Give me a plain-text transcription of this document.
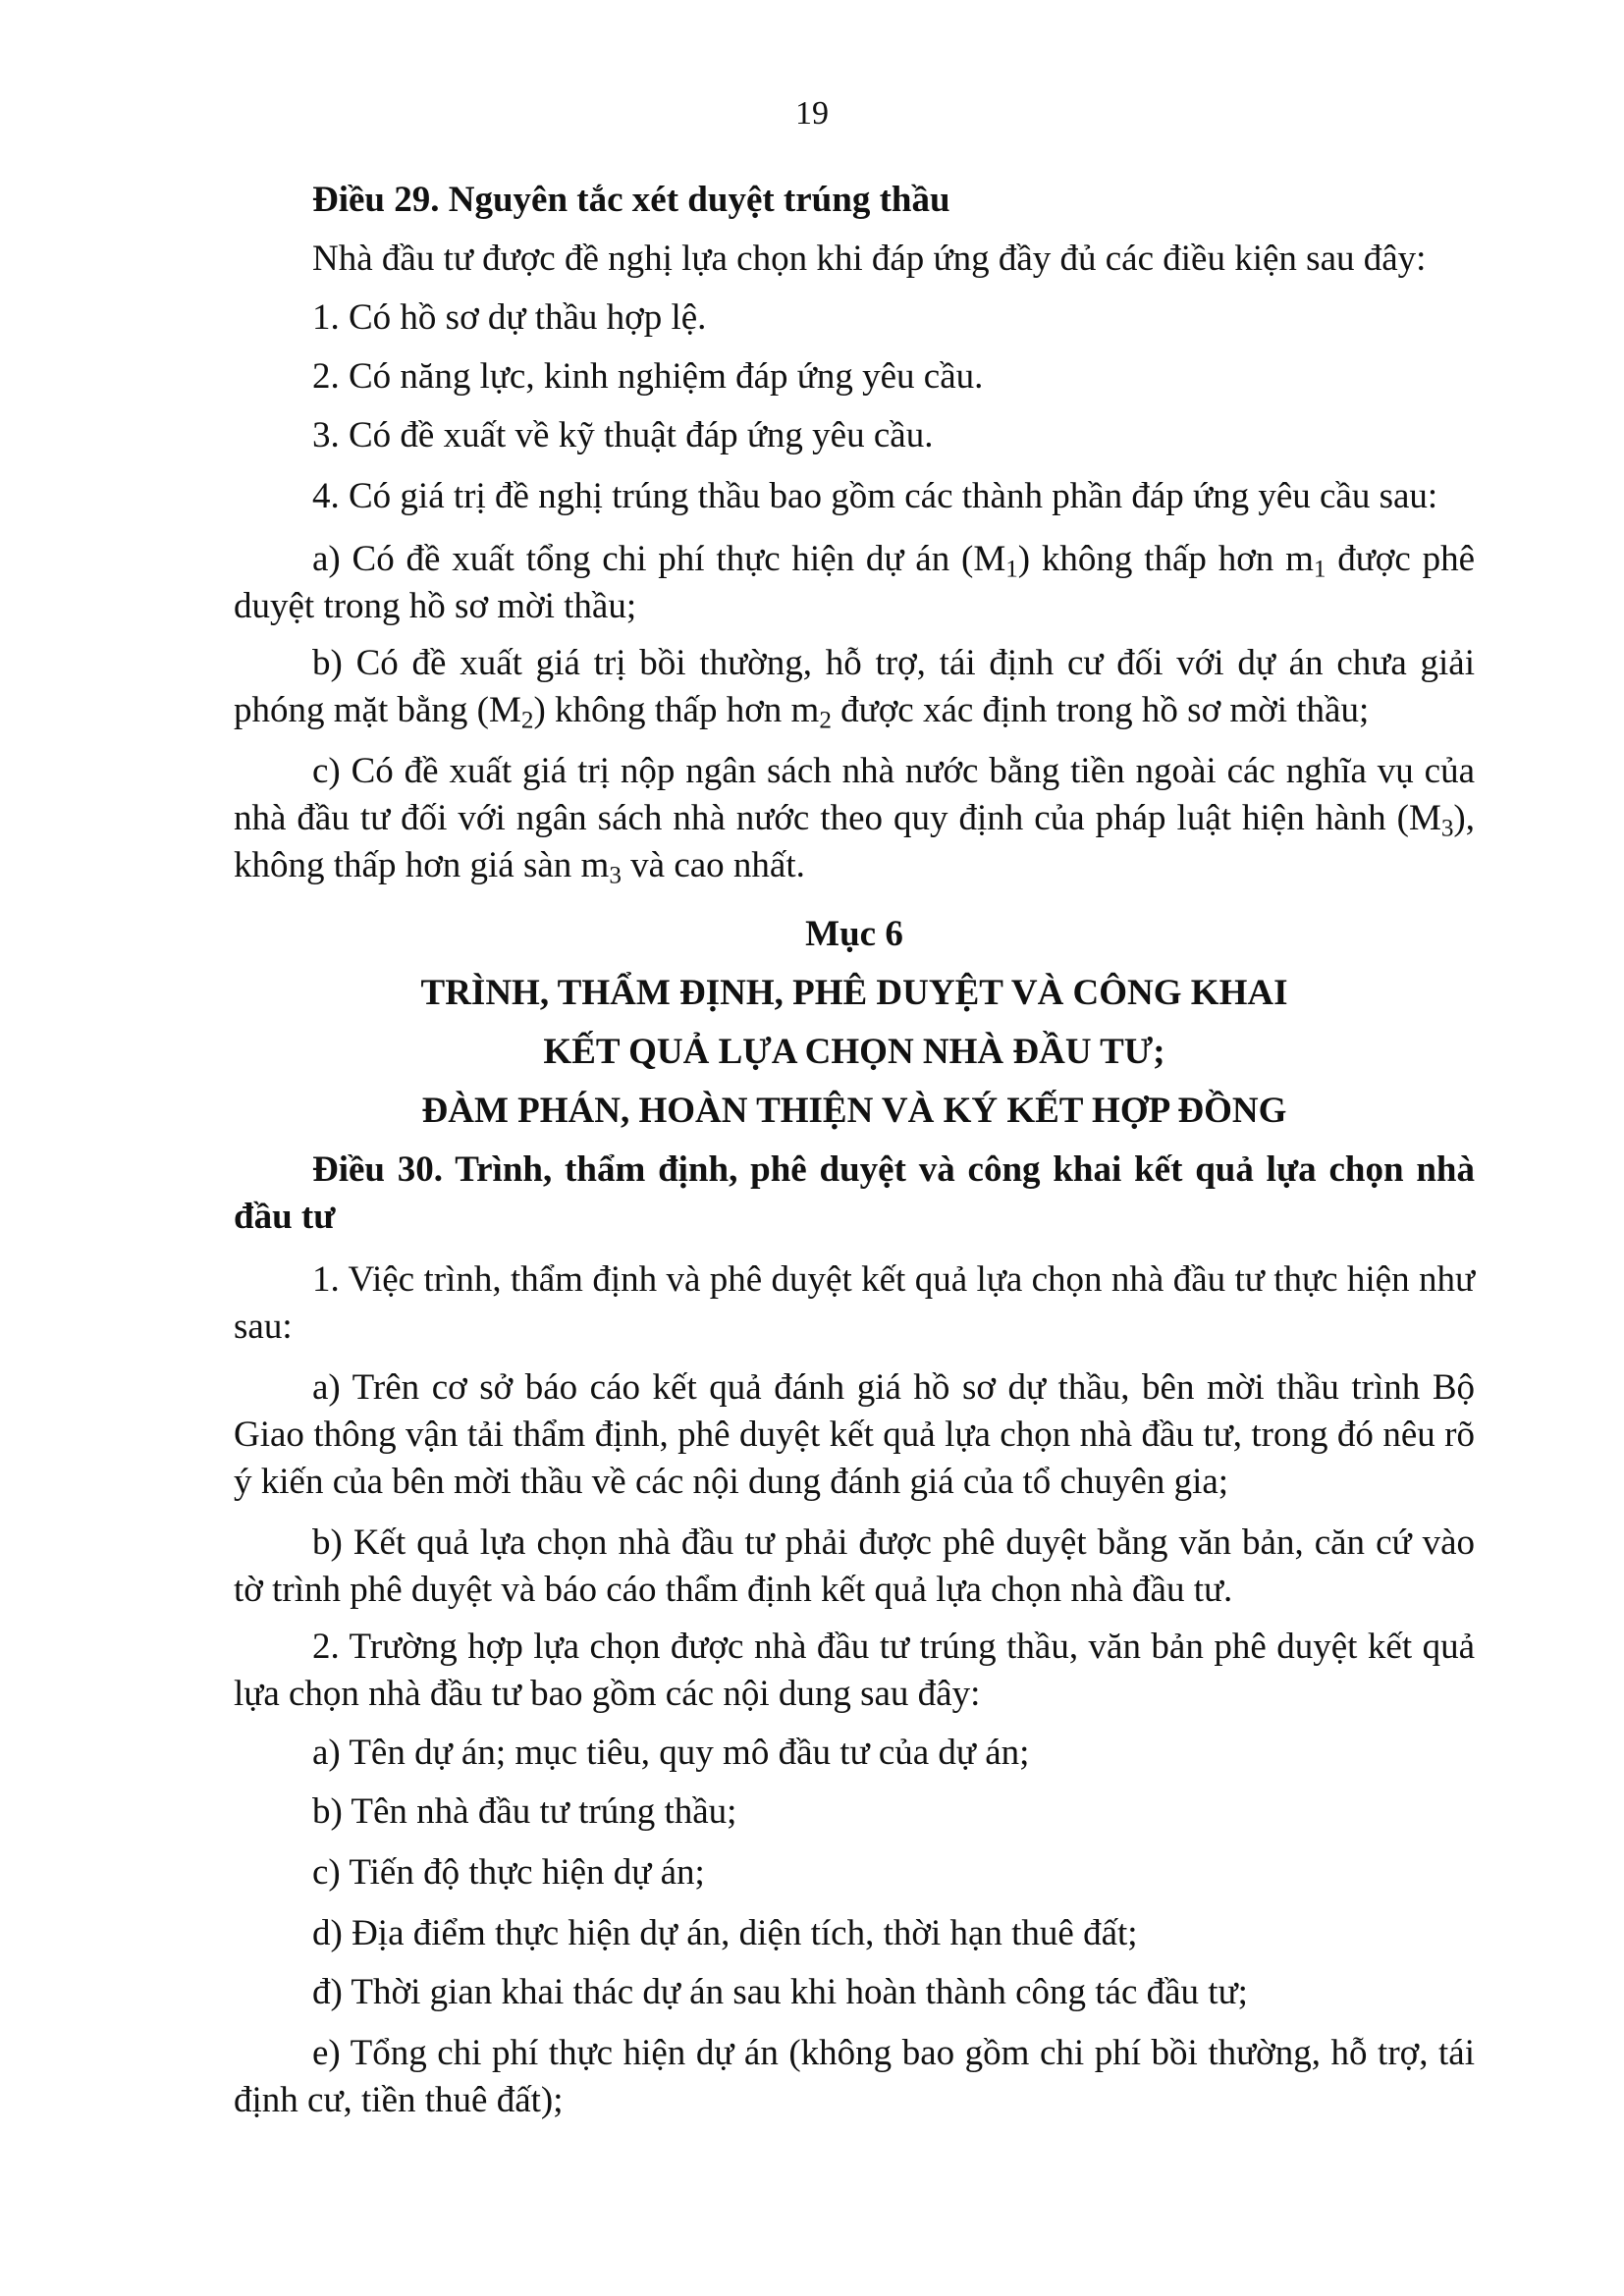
19

Điều 29. Nguyên tắc xét duyệt trúng thầu

Nhà đầu tư được đề nghị lựa chọn khi đáp ứng đầy đủ các điều kiện sau đây:

1. Có hồ sơ dự thầu hợp lệ.

2. Có năng lực, kinh nghiệm đáp ứng yêu cầu.

3. Có đề xuất về kỹ thuật đáp ứng yêu cầu.

4. Có giá trị đề nghị trúng thầu bao gồm các thành phần đáp ứng yêu cầu sau:

a) Có đề xuất tổng chi phí thực hiện dự án $(M_1)$ không thấp hơn $m_1$ được phê duyệt trong hồ sơ mời thầu;

b) Có đề xuất giá trị bồi thường, hỗ trợ, tái định cư đối với dự án chưa giải phóng mặt bằng $(M_2)$ không thấp hơn $m_2$ được xác định trong hồ sơ mời thầu;

c) Có đề xuất giá trị nộp ngân sách nhà nước bằng tiền ngoài các nghĩa vụ của nhà đầu tư đối với ngân sách nhà nước theo quy định của pháp luật hiện hành $(M_3)$, không thấp hơn giá sàn $m_3$ và cao nhất.

Mục 6

TRÌNH, THẨM ĐỊNH, PHÊ DUYỆT VÀ CÔNG KHAI

KẾT QUẢ LỰA CHỌN NHÀ ĐẦU TƯ;

ĐÀM PHÁN, HOÀN THIỆN VÀ KÝ KẾT HỢP ĐỒNG

Điều 30. Trình, thẩm định, phê duyệt và công khai kết quả lựa chọn nhà đầu tư

1. Việc trình, thẩm định và phê duyệt kết quả lựa chọn nhà đầu tư thực hiện như sau:

a) Trên cơ sở báo cáo kết quả đánh giá hồ sơ dự thầu, bên mời thầu trình Bộ Giao thông vận tải thẩm định, phê duyệt kết quả lựa chọn nhà đầu tư, trong đó nêu rõ ý kiến của bên mời thầu về các nội dung đánh giá của tổ chuyên gia;

b) Kết quả lựa chọn nhà đầu tư phải được phê duyệt bằng văn bản, căn cứ vào tờ trình phê duyệt và báo cáo thẩm định kết quả lựa chọn nhà đầu tư.

2. Trường hợp lựa chọn được nhà đầu tư trúng thầu, văn bản phê duyệt kết quả lựa chọn nhà đầu tư bao gồm các nội dung sau đây:

a) Tên dự án; mục tiêu, quy mô đầu tư của dự án;

b) Tên nhà đầu tư trúng thầu;

c) Tiến độ thực hiện dự án;

d) Địa điểm thực hiện dự án, diện tích, thời hạn thuê đất;

đ) Thời gian khai thác dự án sau khi hoàn thành công tác đầu tư;

e) Tổng chi phí thực hiện dự án (không bao gồm chi phí bồi thường, hỗ trợ, tái định cư, tiền thuê đất);
